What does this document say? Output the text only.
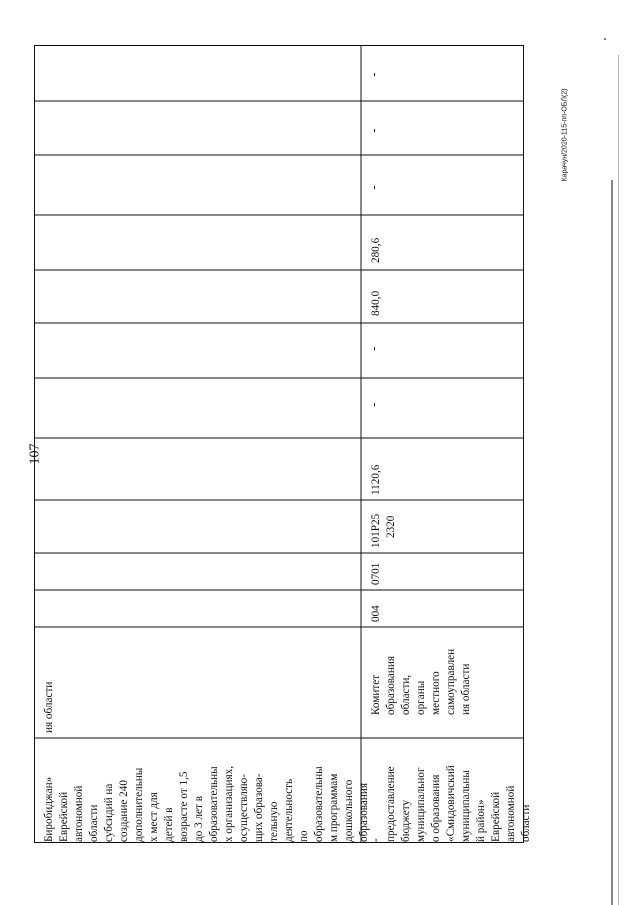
107
Карачун/2020-115-пп-ОБЛ(2)
Биробиджан» Еврейской автономной области субсидий на создание 240 дополнительны х мест для детей в возрасте от 1,5 до 3 лет в образовательны х организациях, осуществляю- щих образова- тельную деятельность по образовательны м программам дошкольного образования
ия области
- предоставление бюджету муниципальног о образования «Смидовичский муниципальны й район» Еврейской автономной области
Комитет образования области, органы местного самоуправлен ия области
004
0701
101Р25 2320
1120,6
-
-
840,0
280,6
-
-
-
